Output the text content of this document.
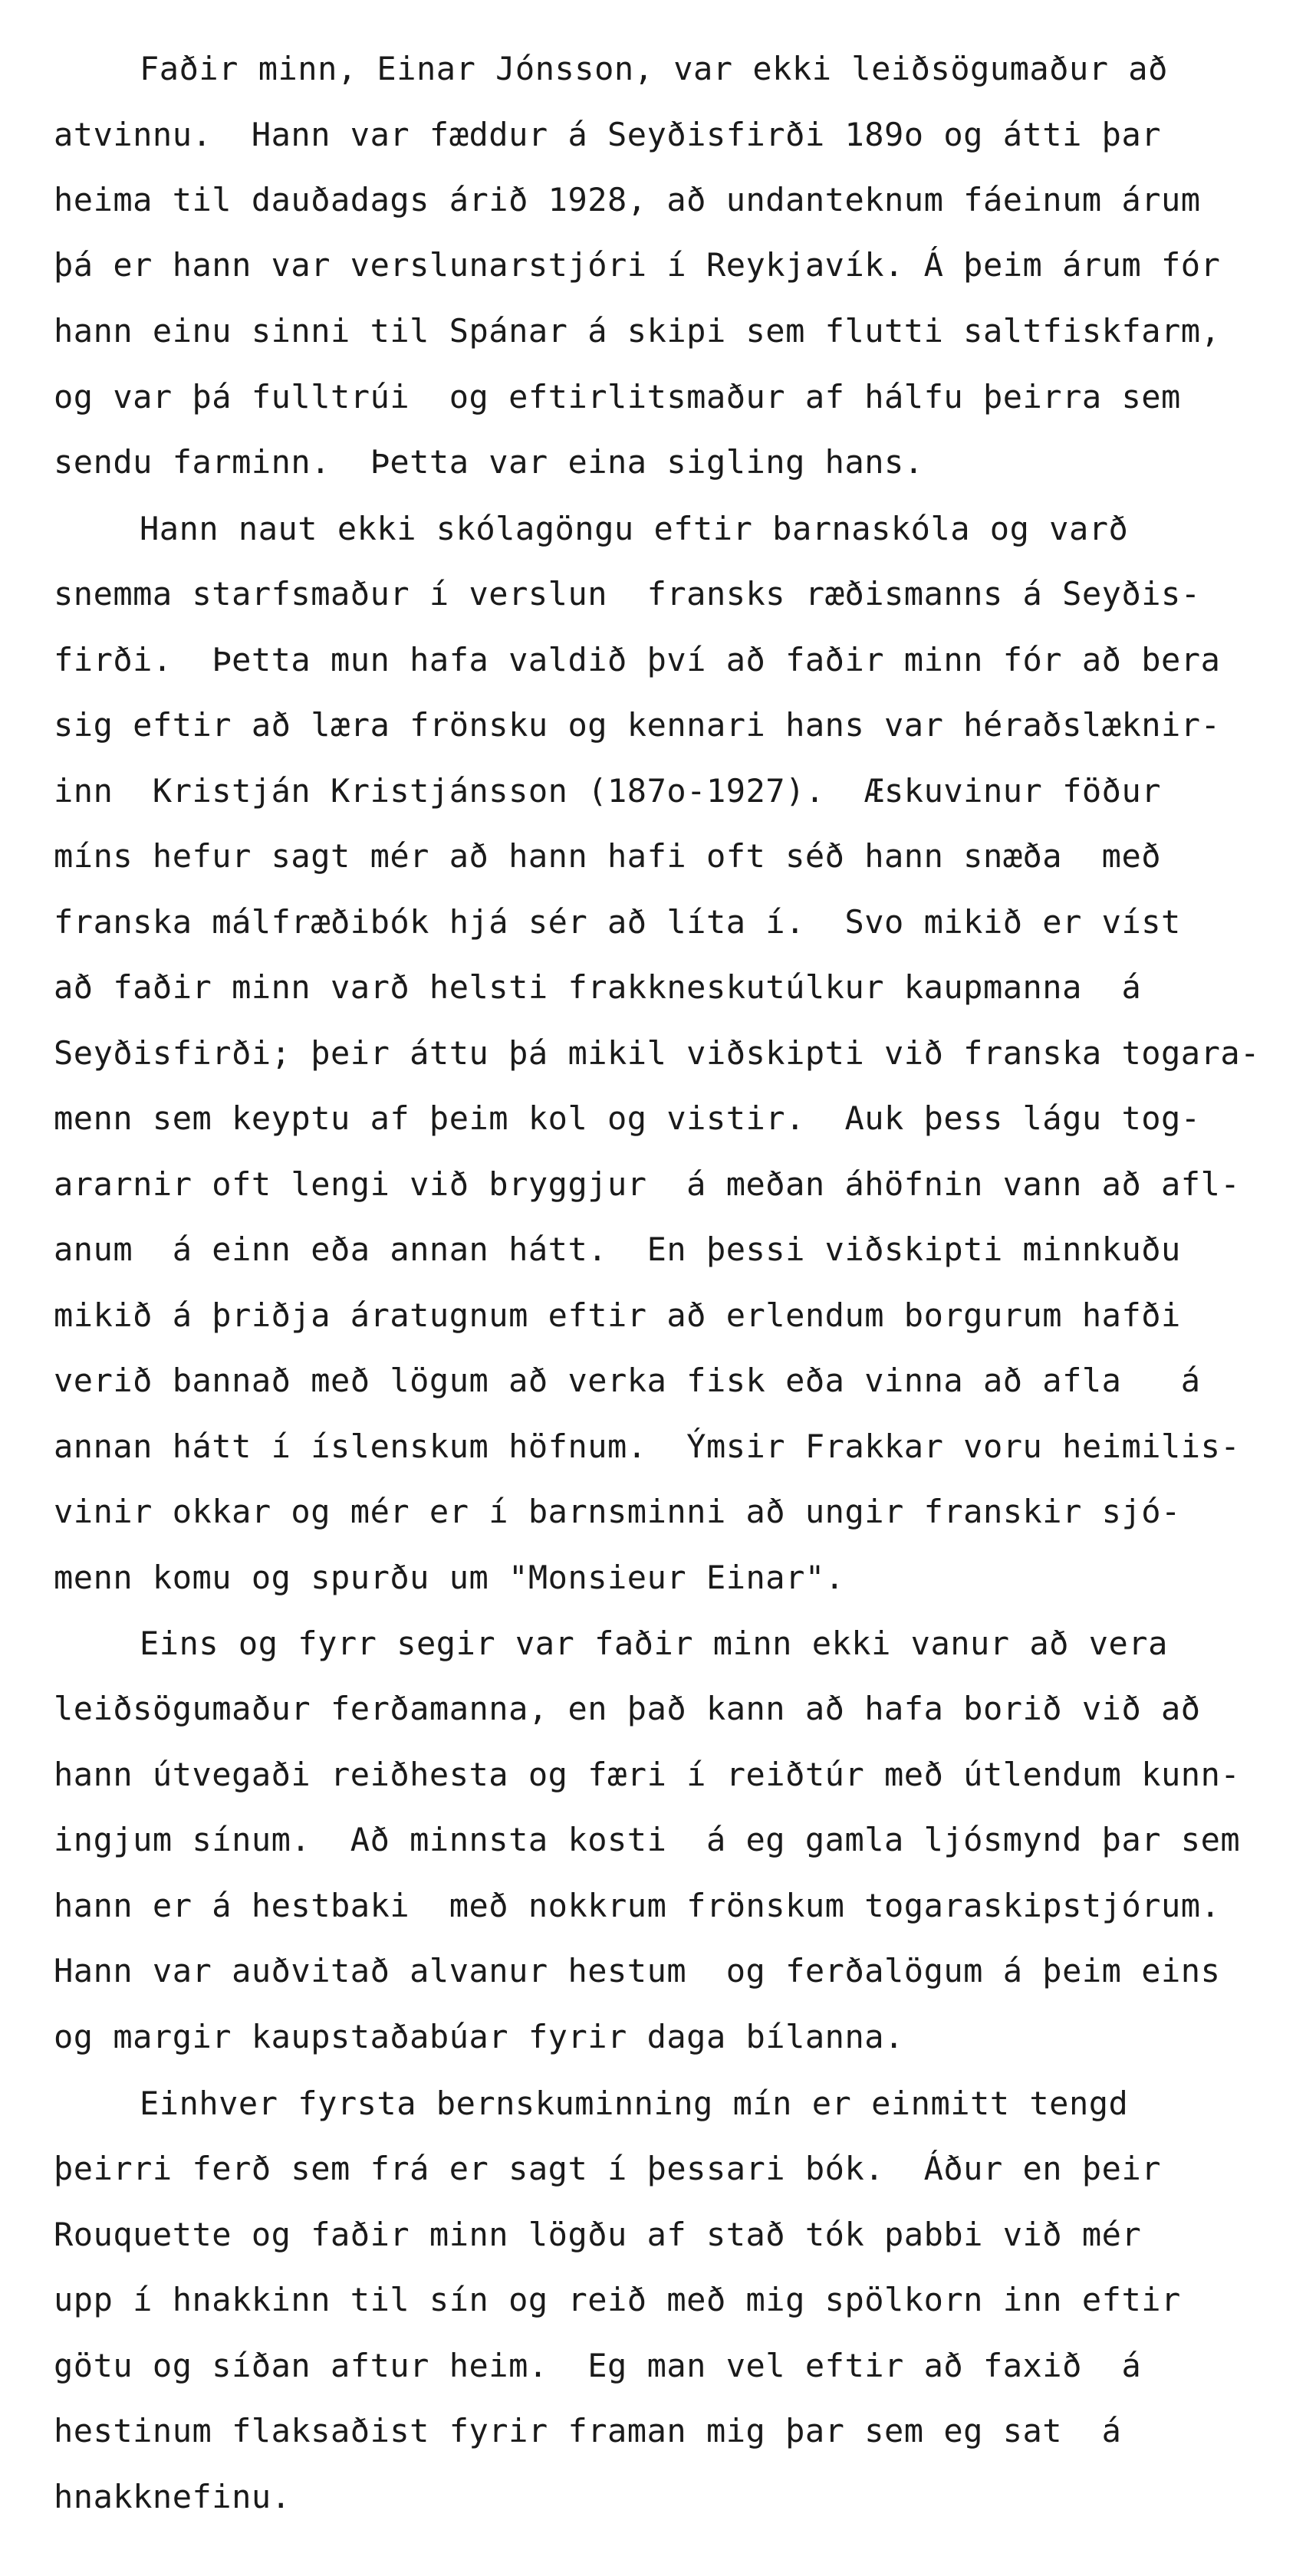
Faðir minn, Einar Jónsson, var ekki leiðsögumaður að

atvinnu.  Hann var fæddur á Seyðisfirði 189o og átti þar

heima til dauðadags árið 1928, að undanteknum fáeinum árum

þá er hann var verslunarstjóri í Reykjavík. Á þeim árum fór

hann einu sinni til Spánar á skipi sem flutti saltfiskfarm,

og var þá fulltrúi  og eftirlitsmaður af hálfu þeirra sem

sendu farminn.  Þetta var eina sigling hans.

Hann naut ekki skólagöngu eftir barnaskóla og varð

snemma starfsmaður í verslun  fransks ræðismanns á Seyðis-

firði.  Þetta mun hafa valdið því að faðir minn fór að bera

sig eftir að læra frönsku og kennari hans var héraðslæknir-

inn  Kristján Kristjánsson (187o-1927).  Æskuvinur föður

míns hefur sagt mér að hann hafi oft séð hann snæða  með

franska málfræðibók hjá sér að líta í.  Svo mikið er víst

að faðir minn varð helsti frakkneskutúlkur kaupmanna  á

Seyðisfirði; þeir áttu þá mikil viðskipti við franska togara-

menn sem keyptu af þeim kol og vistir.  Auk þess lágu tog-

ararnir oft lengi við bryggjur  á meðan áhöfnin vann að afl-

anum  á einn eða annan hátt.  En þessi viðskipti minnkuðu

mikið á þriðja áratugnum eftir að erlendum borgurum hafði

verið bannað með lögum að verka fisk eða vinna að afla   á

annan hátt í íslenskum höfnum.  Ýmsir Frakkar voru heimilis-

vinir okkar og mér er í barnsminni að ungir franskir sjó-

menn komu og spurðu um "Monsieur Einar".

Eins og fyrr segir var faðir minn ekki vanur að vera

leiðsögumaður ferðamanna, en það kann að hafa borið við að

hann útvegaði reiðhesta og færi í reiðtúr með útlendum kunn-

ingjum sínum.  Að minnsta kosti  á eg gamla ljósmynd þar sem

hann er á hestbaki  með nokkrum frönskum togaraskipstjórum.

Hann var auðvitað alvanur hestum  og ferðalögum á þeim eins

og margir kaupstaðabúar fyrir daga bílanna.

Einhver fyrsta bernskuminning mín er einmitt tengd

þeirri ferð sem frá er sagt í þessari bók.  Áður en þeir

Rouquette og faðir minn lögðu af stað tók pabbi við mér

upp í hnakkinn til sín og reið með mig spölkorn inn eftir

götu og síðan aftur heim.  Eg man vel eftir að faxið  á

hestinum flaksaðist fyrir framan mig þar sem eg sat  á

hnakknefinu.
